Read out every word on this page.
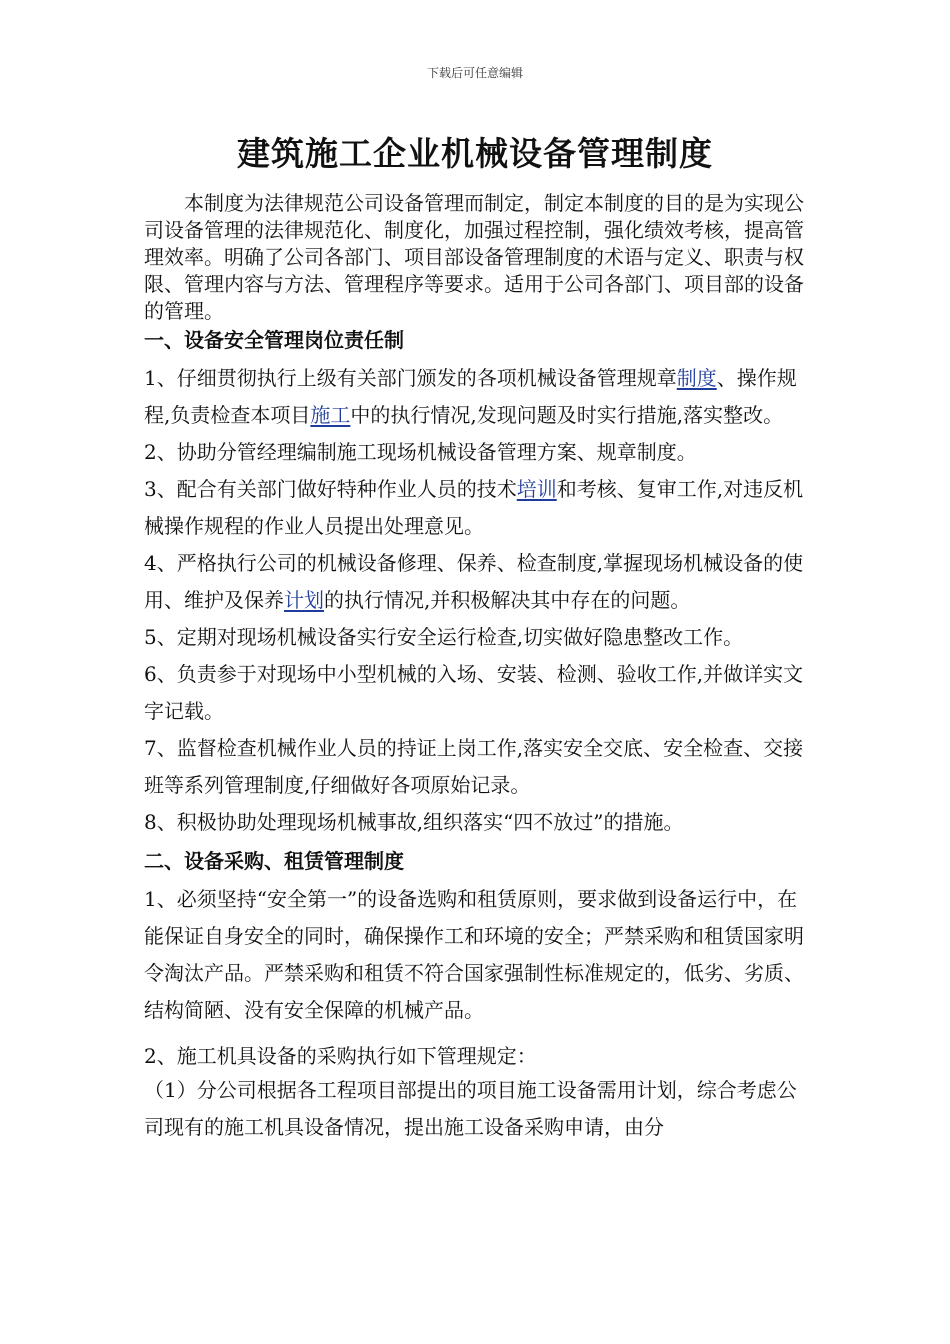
下载后可任意编辑
建筑施工企业机械设备管理制度

本制度为法律规范公司设备管理而制定，制定本制度的目的是为实现公司设备管理的法律规范化、制度化，加强过程控制，强化绩效考核，提高管理效率。明确了公司各部门、项目部设备管理制度的术语与定义、职责与权限、管理内容与方法、管理程序等要求。适用于公司各部门、项目部的设备的管理。

一、设备安全管理岗位责任制

1、仔细贯彻执行上级有关部门颁发的各项机械设备管理规章制度、操作规程,负责检查本项目施工中的执行情况,发现问题及时实行措施,落实整改。

2、协助分管经理编制施工现场机械设备管理方案、规章制度。

3、配合有关部门做好特种作业人员的技术培训和考核、复审工作,对违反机械操作规程的作业人员提出处理意见。

4、严格执行公司的机械设备修理、保养、检查制度,掌握现场机械设备的使用、维护及保养计划的执行情况,并积极解决其中存在的问题。

5、定期对现场机械设备实行安全运行检查,切实做好隐患整改工作。

6、负责参于对现场中小型机械的入场、安装、检测、验收工作,并做详实文字记载。

7、监督检查机械作业人员的持证上岗工作,落实安全交底、安全检查、交接班等系列管理制度,仔细做好各项原始记录。

8、积极协助处理现场机械事故,组织落实“四不放过”的措施。

二、设备采购、租赁管理制度

1、必须坚持“安全第一”的设备选购和租赁原则，要求做到设备运行中，在能保证自身安全的同时，确保操作工和环境的安全；严禁采购和租赁国家明令淘汰产品。严禁采购和租赁不符合国家强制性标准规定的，低劣、劣质、结构简陋、没有安全保障的机械产品。

2、施工机具设备的采购执行如下管理规定：

（1）分公司根据各工程项目部提出的项目施工设备需用计划，综合考虑公司现有的施工机具设备情况，提出施工设备采购申请，由分
